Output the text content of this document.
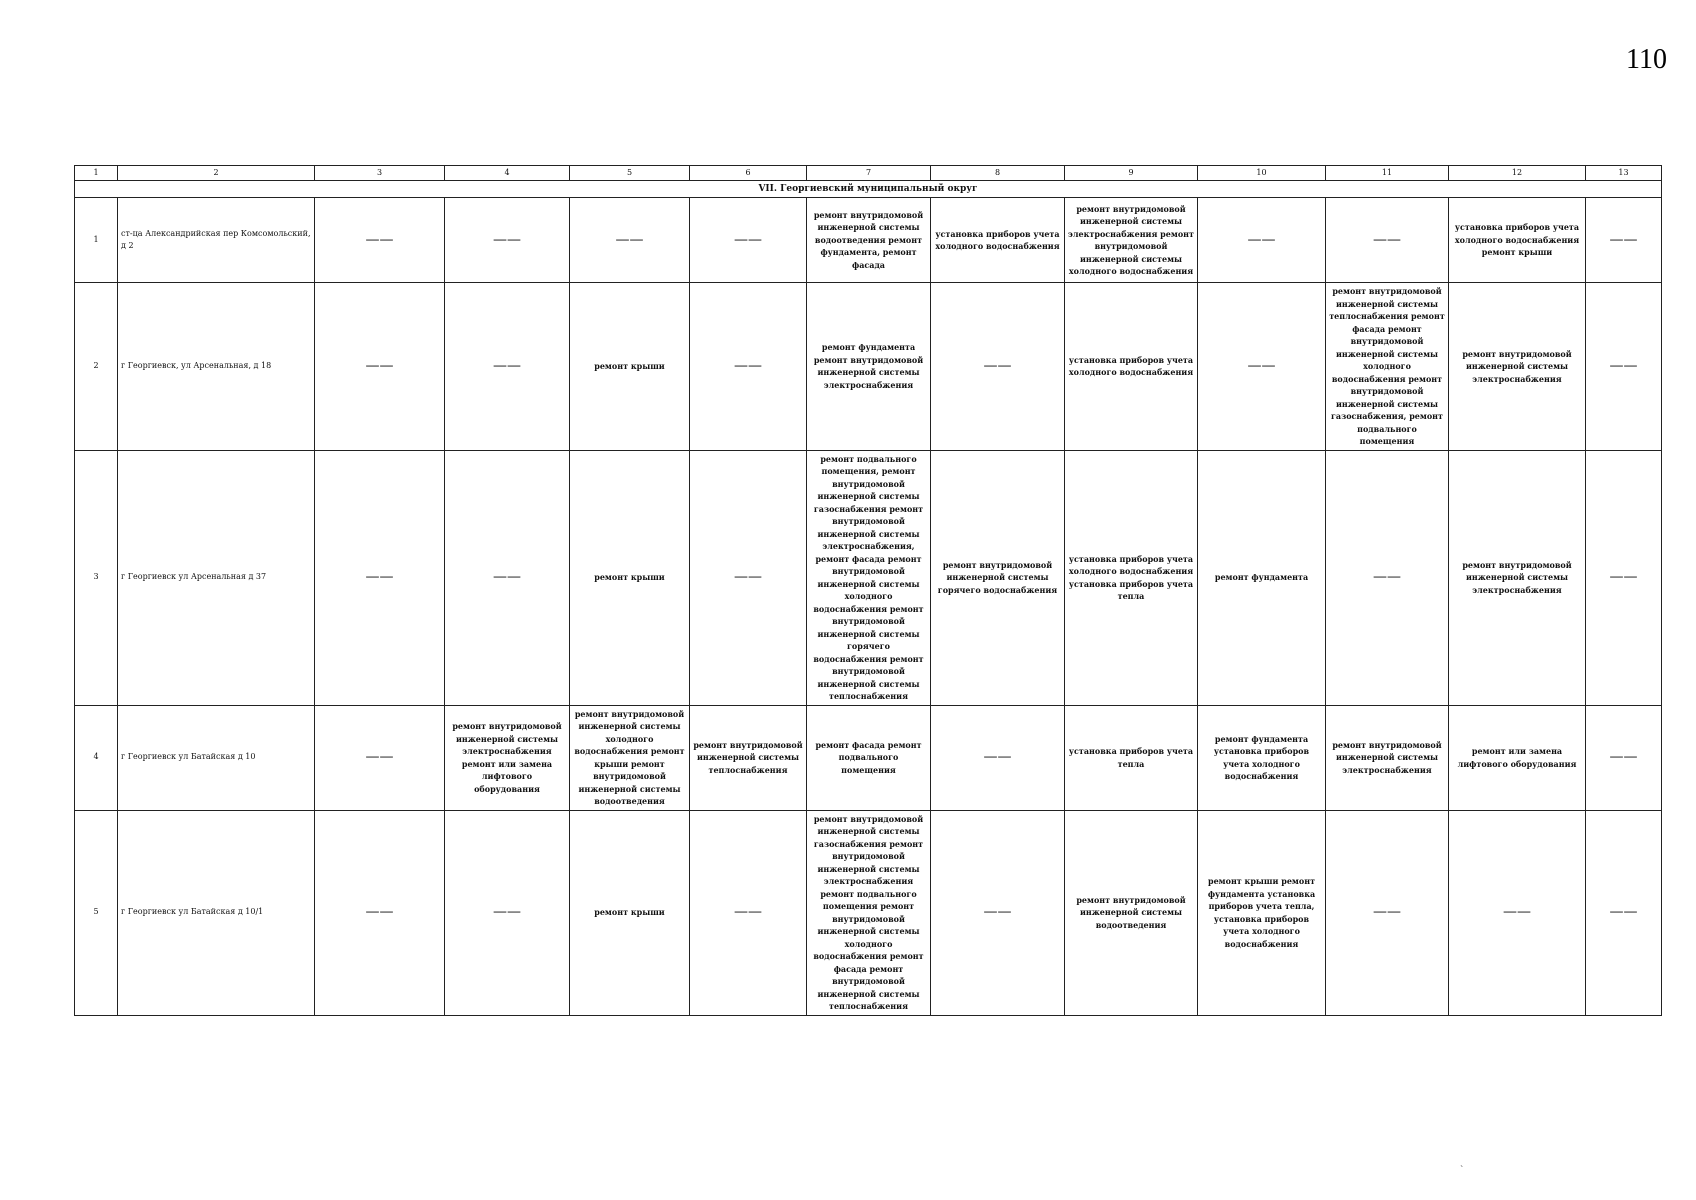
110
1	2	3	4	5	6	7	8	9	10	11	12	13
VII. Георгиевский муниципальный округ												
1	ст-ца Александрийская пер Комсомольский, д 2	——	——	——	——	ремонт внутридомовой инженерной системы водоотведения ремонт фундамента, ремонт фасада	установка приборов учета холодного водоснабжения	ремонт внутридомовой инженерной системы электроснабжения ремонт внутридомовой инженерной системы холодного водоснабжения	——	——	установка приборов учета холодного водоснабжения ремонт крыши	——
2	г Георгиевск, ул Арсенальная, д 18	——	——	ремонт крыши	——	ремонт фундамента ремонт внутридомовой инженерной системы электроснабжения	——	установка приборов учета холодного водоснабжения	——	ремонт внутридомовой инженерной системы теплоснабжения ремонт фасада ремонт внутридомовой инженерной системы холодного водоснабжения ремонт внутридомовой инженерной системы газоснабжения, ремонт подвального помещения	ремонт внутридомовой инженерной системы электроснабжения	——
3	г Георгиевск ул Арсенальная д 37	——	——	ремонт крыши	——	ремонт подвального помещения, ремонт внутридомовой инженерной системы газоснабжения ремонт внутридомовой инженерной системы электроснабжения, ремонт фасада ремонт внутридомовой инженерной системы холодного водоснабжения ремонт внутридомовой инженерной системы горячего водоснабжения ремонт внутридомовой инженерной системы теплоснабжения	ремонт внутридомовой инженерной системы горячего водоснабжения	установка приборов учета холодного водоснабжения установка приборов учета тепла	ремонт фундамента	——	ремонт внутридомовой инженерной системы электроснабжения	——
4	г Георгиевск ул Батайская д 10	——	ремонт внутридомовой инженерной системы электроснабжения ремонт или замена лифтового оборудования	ремонт внутридомовой инженерной системы холодного водоснабжения ремонт крыши ремонт внутридомовой инженерной системы водоотведения	ремонт внутридомовой инженерной системы теплоснабжения	ремонт фасада ремонт подвального помещения	——	установка приборов учета тепла	ремонт фундамента установка приборов учета холодного водоснабжения	ремонт внутридомовой инженерной системы электроснабжения	ремонт или замена лифтового оборудования	——
5	г Георгиевск ул Батайская д 10/1	——	——	ремонт крыши	——	ремонт внутридомовой инженерной системы газоснабжения ремонт внутридомовой инженерной системы электроснабжения ремонт подвального помещения ремонт внутридомовой инженерной системы холодного водоснабжения ремонт фасада ремонт внутридомовой инженерной системы теплоснабжения	——	ремонт внутридомовой инженерной системы водоотведения	ремонт крыши ремонт фундамента установка приборов учета тепла, установка приборов учета холодного водоснабжения	——	——	——
`
